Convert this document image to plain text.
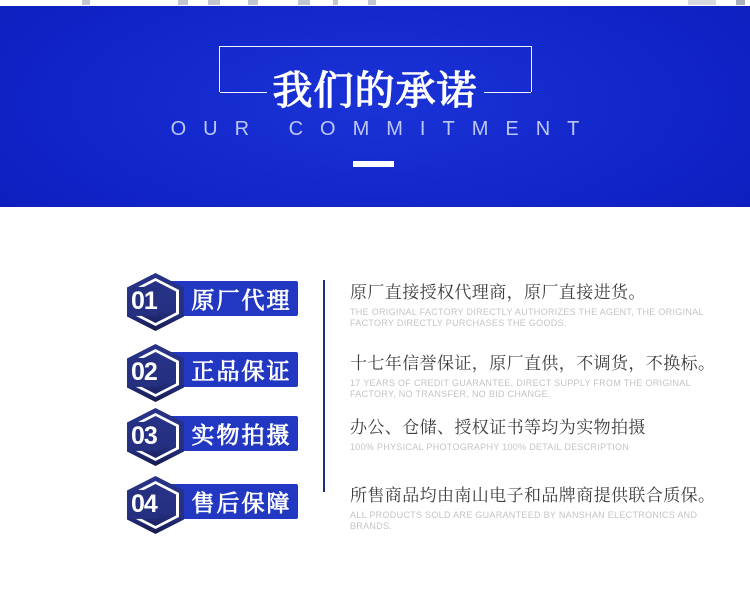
我们的承诺
OUR COMMITMENT
原厂代理
01	原厂直接授权代理商，原厂直接进货。
THE ORIGINAL FACTORY DIRECTLY AUTHORIZES THE AGENT, THE ORIGINAL FACTORY DIRECTLY PURCHASES THE GOODS.
正品保证
02	十七年信誉保证，原厂直供，不调货，不换标。
17 YEARS OF CREDIT GUARANTEE, DIRECT SUPPLY FROM THE ORIGINAL FACTORY, NO TRANSFER, NO BID CHANGE.
实物拍摄
03	办公、仓储、授权证书等均为实物拍摄
100% PHYSICAL PHOTOGRAPHY 100% DETAIL DESCRIPTION
售后保障
04	所售商品均由南山电子和品牌商提供联合质保。
ALL PRODUCTS SOLD ARE GUARANTEED BY NANSHAN ELECTRONICS AND BRANDS.
